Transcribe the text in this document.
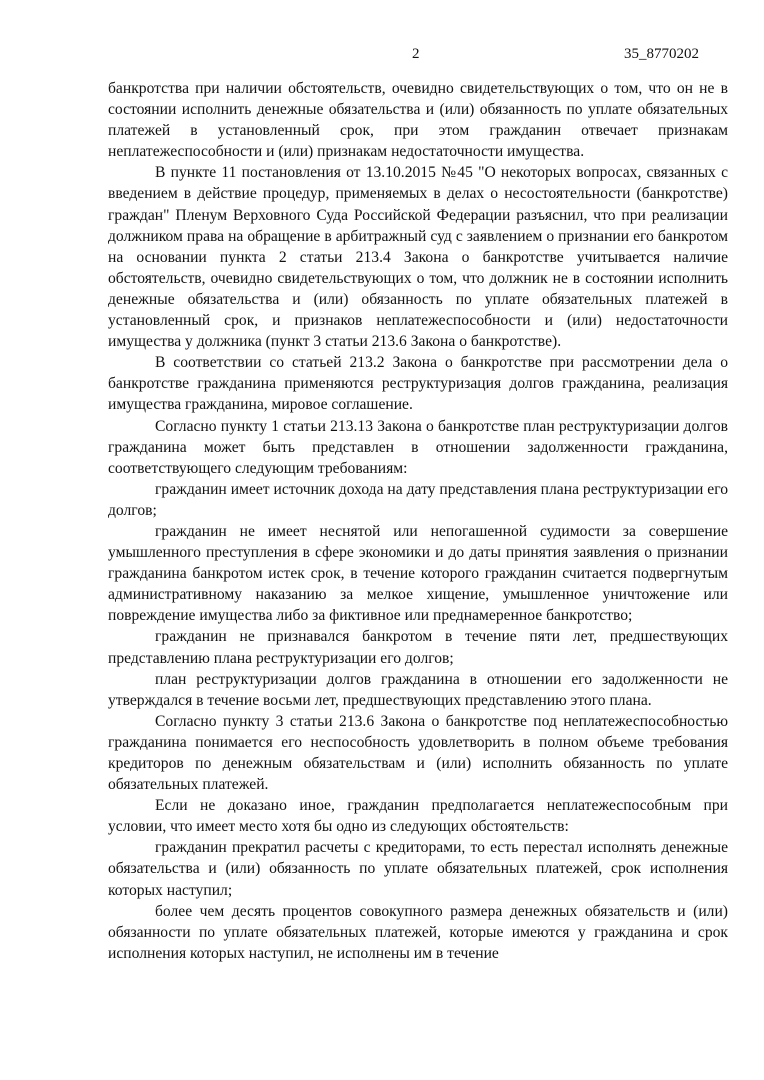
2	35_8770202

банкротства при наличии обстоятельств, очевидно свидетельствующих о том, что он не в состоянии исполнить денежные обязательства и (или) обязанность по уплате обязательных платежей в установленный срок, при этом гражданин отвечает признакам неплатежеспособности и (или) признакам недостаточности имущества.

В пункте 11 постановления от 13.10.2015 №45 "О некоторых вопросах, связанных с введением в действие процедур, применяемых в делах о несостоятельности (банкротстве) граждан" Пленум Верховного Суда Российской Федерации разъяснил, что при реализации должником права на обращение в арбитражный суд с заявлением о признании его банкротом на основании пункта 2 статьи 213.4 Закона о банкротстве учитывается наличие обстоятельств, очевидно свидетельствующих о том, что должник не в состоянии исполнить денежные обязательства и (или) обязанность по уплате обязательных платежей в установленный срок, и признаков неплатежеспособности и (или) недостаточности имущества у должника (пункт 3 статьи 213.6 Закона о банкротстве).

В соответствии со статьей 213.2 Закона о банкротстве при рассмотрении дела о банкротстве гражданина применяются реструктуризация долгов гражданина, реализация имущества гражданина, мировое соглашение.

Согласно пункту 1 статьи 213.13 Закона о банкротстве план реструктуризации долгов гражданина может быть представлен в отношении задолженности гражданина, соответствующего следующим требованиям:

гражданин имеет источник дохода на дату представления плана реструктуризации его долгов;

гражданин не имеет неснятой или непогашенной судимости за совершение умышленного преступления в сфере экономики и до даты принятия заявления о признании гражданина банкротом истек срок, в течение которого гражданин считается подвергнутым административному наказанию за мелкое хищение, умышленное уничтожение или повреждение имущества либо за фиктивное или преднамеренное банкротство;

гражданин не признавался банкротом в течение пяти лет, предшествующих представлению плана реструктуризации его долгов;

план реструктуризации долгов гражданина в отношении его задолженности не утверждался в течение восьми лет, предшествующих представлению этого плана.

Согласно пункту 3 статьи 213.6 Закона о банкротстве под неплатежеспособностью гражданина понимается его неспособность удовлетворить в полном объеме требования кредиторов по денежным обязательствам и (или) исполнить обязанность по уплате обязательных платежей.

Если не доказано иное, гражданин предполагается неплатежеспособным при условии, что имеет место хотя бы одно из следующих обстоятельств:

гражданин прекратил расчеты с кредиторами, то есть перестал исполнять денежные обязательства и (или) обязанность по уплате обязательных платежей, срок исполнения которых наступил;

более чем десять процентов совокупного размера денежных обязательств и (или) обязанности по уплате обязательных платежей, которые имеются у гражданина и срок исполнения которых наступил, не исполнены им в течение
